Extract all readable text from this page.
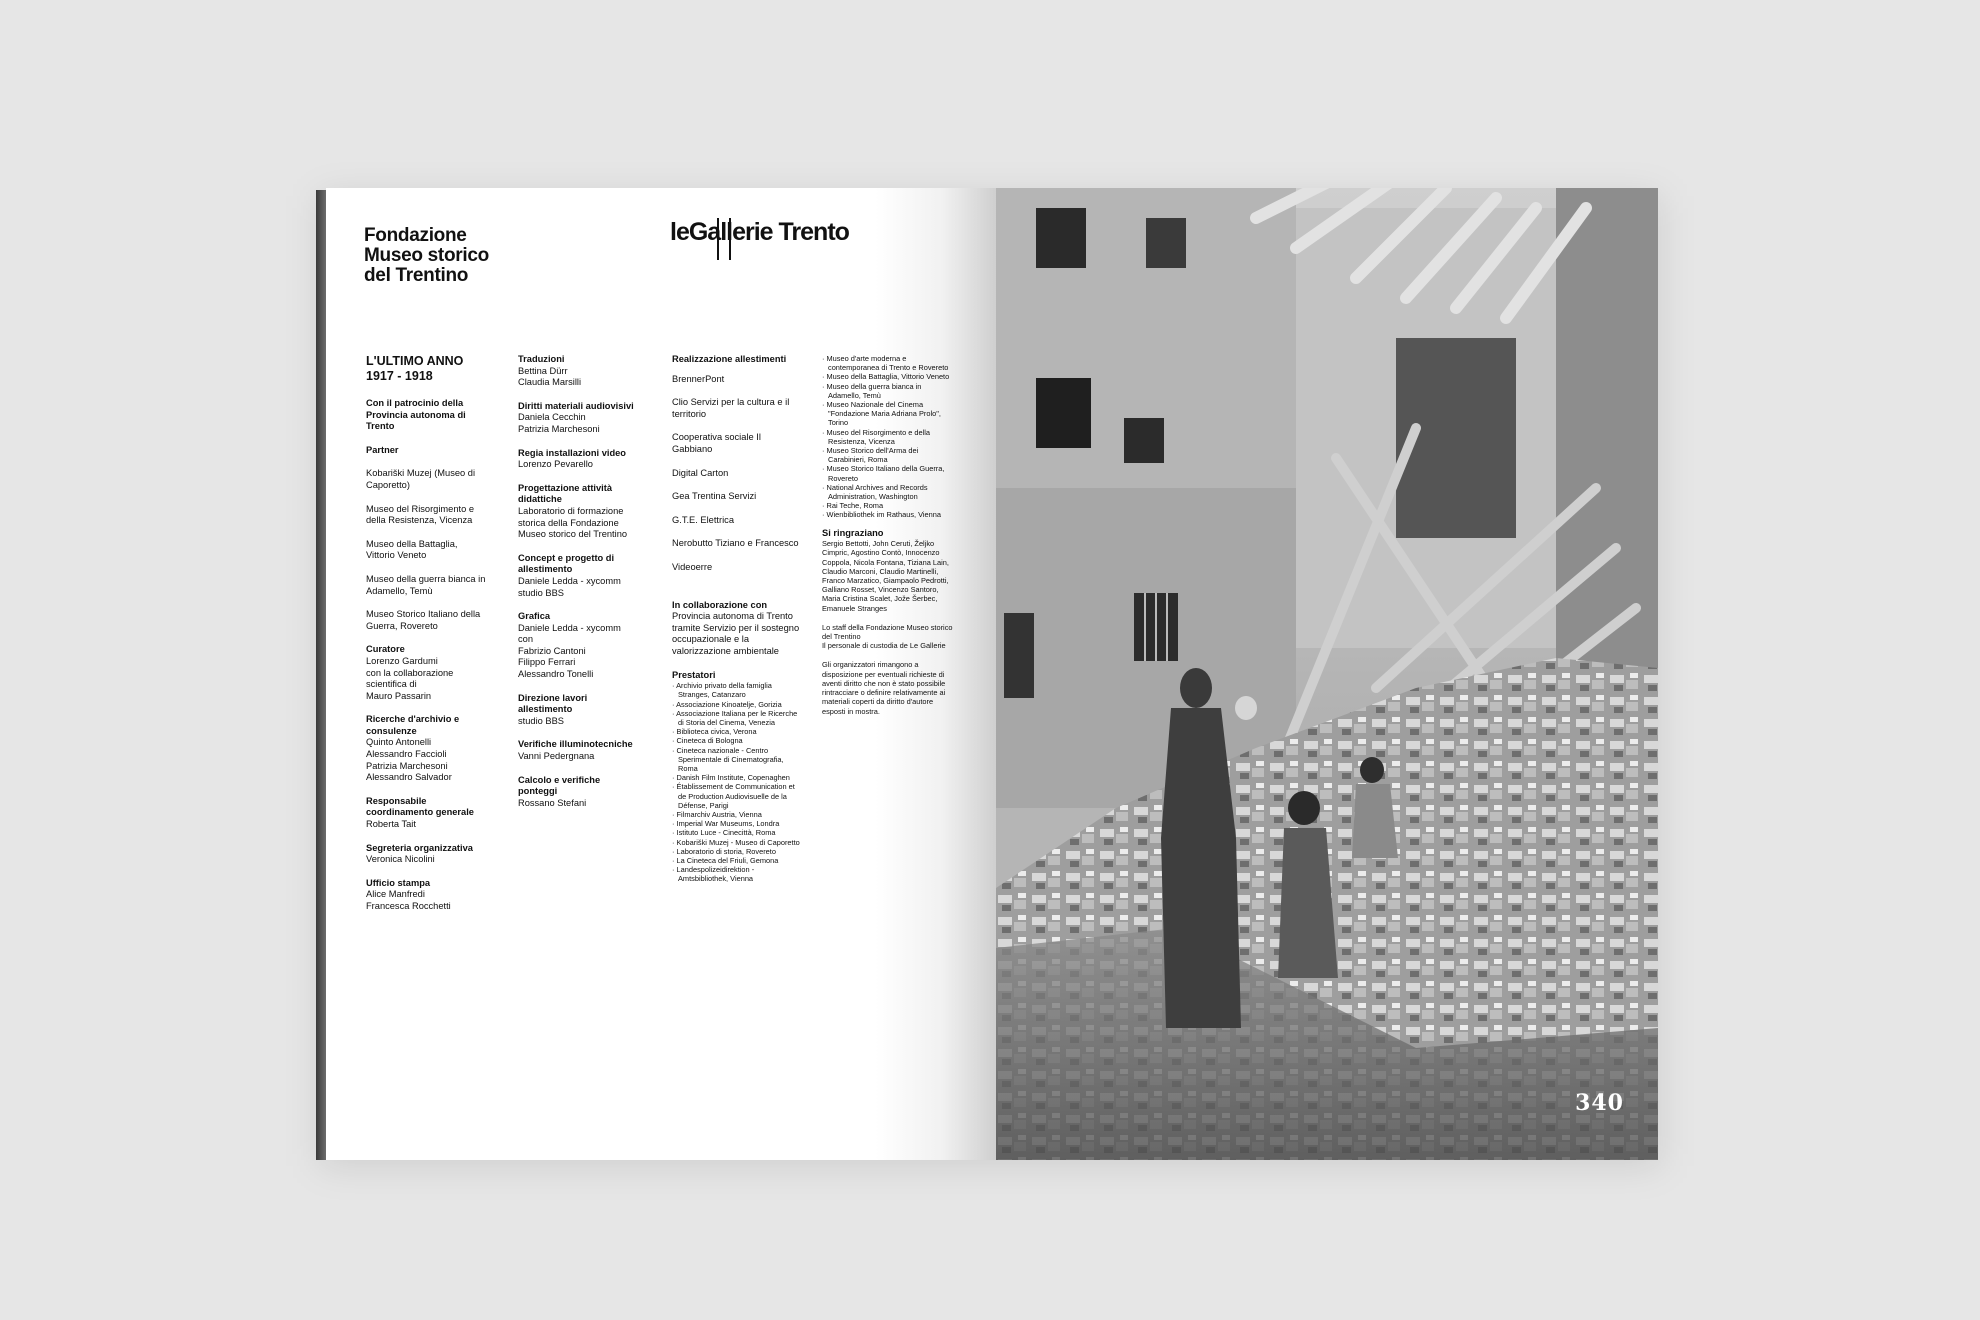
Fondazione
Museo storico
del Trentino
leGallerie Trento
L'ULTIMO ANNO
1917 - 1918
Con il patrocinio della Provincia autonoma di Trento
Partner
Kobariški Muzej (Museo di Caporetto)
Museo del Risorgimento e della Resistenza, Vicenza
Museo della Battaglia, Vittorio Veneto
Museo della guerra bianca in Adamello, Temù
Museo Storico Italiano della Guerra, Rovereto
Curatore
Lorenzo Gardumi
con la collaborazione scientifica di
Mauro Passarin
Ricerche d'archivio e consulenze
Quinto Antonelli
Alessandro Faccioli
Patrizia Marchesoni
Alessandro Salvador
Responsabile coordinamento generale
Roberta Tait
Segreteria organizzativa
Veronica Nicolini
Ufficio stampa
Alice Manfredi
Francesca Rocchetti
Traduzioni
Bettina Dürr
Claudia Marsilli
Diritti materiali audiovisivi
Daniela Cecchin
Patrizia Marchesoni
Regia installazioni video
Lorenzo Pevarello
Progettazione attività didattiche
Laboratorio di formazione storica della Fondazione Museo storico del Trentino
Concept e progetto di allestimento
Daniele Ledda - xycomm
studio BBS
Grafica
Daniele Ledda - xycomm
con
Fabrizio Cantoni
Filippo Ferrari
Alessandro Tonelli
Direzione lavori allestimento
studio BBS
Verifiche illuminotecniche
Vanni Pedergnana
Calcolo e verifiche ponteggi
Rossano Stefani
Realizzazione allestimenti
BrennerPont
Clio Servizi per la cultura e il territorio
Cooperativa sociale Il Gabbiano
Digital Carton
Gea Trentina Servizi
G.T.E. Elettrica
Nerobutto Tiziano e Francesco
Videoerre
In collaborazione con
Provincia autonoma di Trento tramite Servizio per il sostegno occupazionale e la valorizzazione ambientale
Prestatori
· Archivio privato della famiglia Stranges, Catanzaro
· Associazione Kinoatelje, Gorizia
· Associazione Italiana per le Ricerche di Storia del Cinema, Venezia
· Biblioteca civica, Verona
· Cineteca di Bologna
· Cineteca nazionale - Centro Sperimentale di Cinematografia, Roma
· Danish Film Institute, Copenaghen
· Établissement de Communication et de Production Audiovisuelle de la Défense, Parigi
· Filmarchiv Austria, Vienna
· Imperial War Museums, Londra
· Istituto Luce - Cinecittà, Roma
· Kobariški Muzej - Museo di Caporetto
· Laboratorio di storia, Rovereto
· La Cineteca del Friuli, Gemona
· Landespolizeidirektion - Amtsbibliothek, Vienna
· Museo d'arte moderna e contemporanea di Trento e Rovereto
· Museo della Battaglia, Vittorio Veneto
· Museo della guerra bianca in Adamello, Temù
· Museo Nazionale del Cinema "Fondazione Maria Adriana Prolo", Torino
· Museo del Risorgimento e della Resistenza, Vicenza
· Museo Storico dell'Arma dei Carabinieri, Roma
· Museo Storico Italiano della Guerra, Rovereto
· National Archives and Records Administration, Washington
· Rai Teche, Roma
· Wienbibliothek im Rathaus, Vienna
Si ringraziano
Sergio Bettotti, John Ceruti, Željko Cimpric, Agostino Contò, Innocenzo Coppola, Nicola Fontana, Tiziana Lain, Claudio Marconi, Claudio Martinelli, Franco Marzatico, Giampaolo Pedrotti, Galliano Rosset, Vincenzo Santoro, Maria Cristina Scalet, Jože Šerbec, Emanuele Stranges
Lo staff della Fondazione Museo storico del Trentino
Il personale di custodia de Le Gallerie
Gli organizzatori rimangono a disposizione per eventuali richieste di aventi diritto che non è stato possibile rintracciare o definire relativamente ai materiali coperti da diritto d'autore esposti in mostra.
340
